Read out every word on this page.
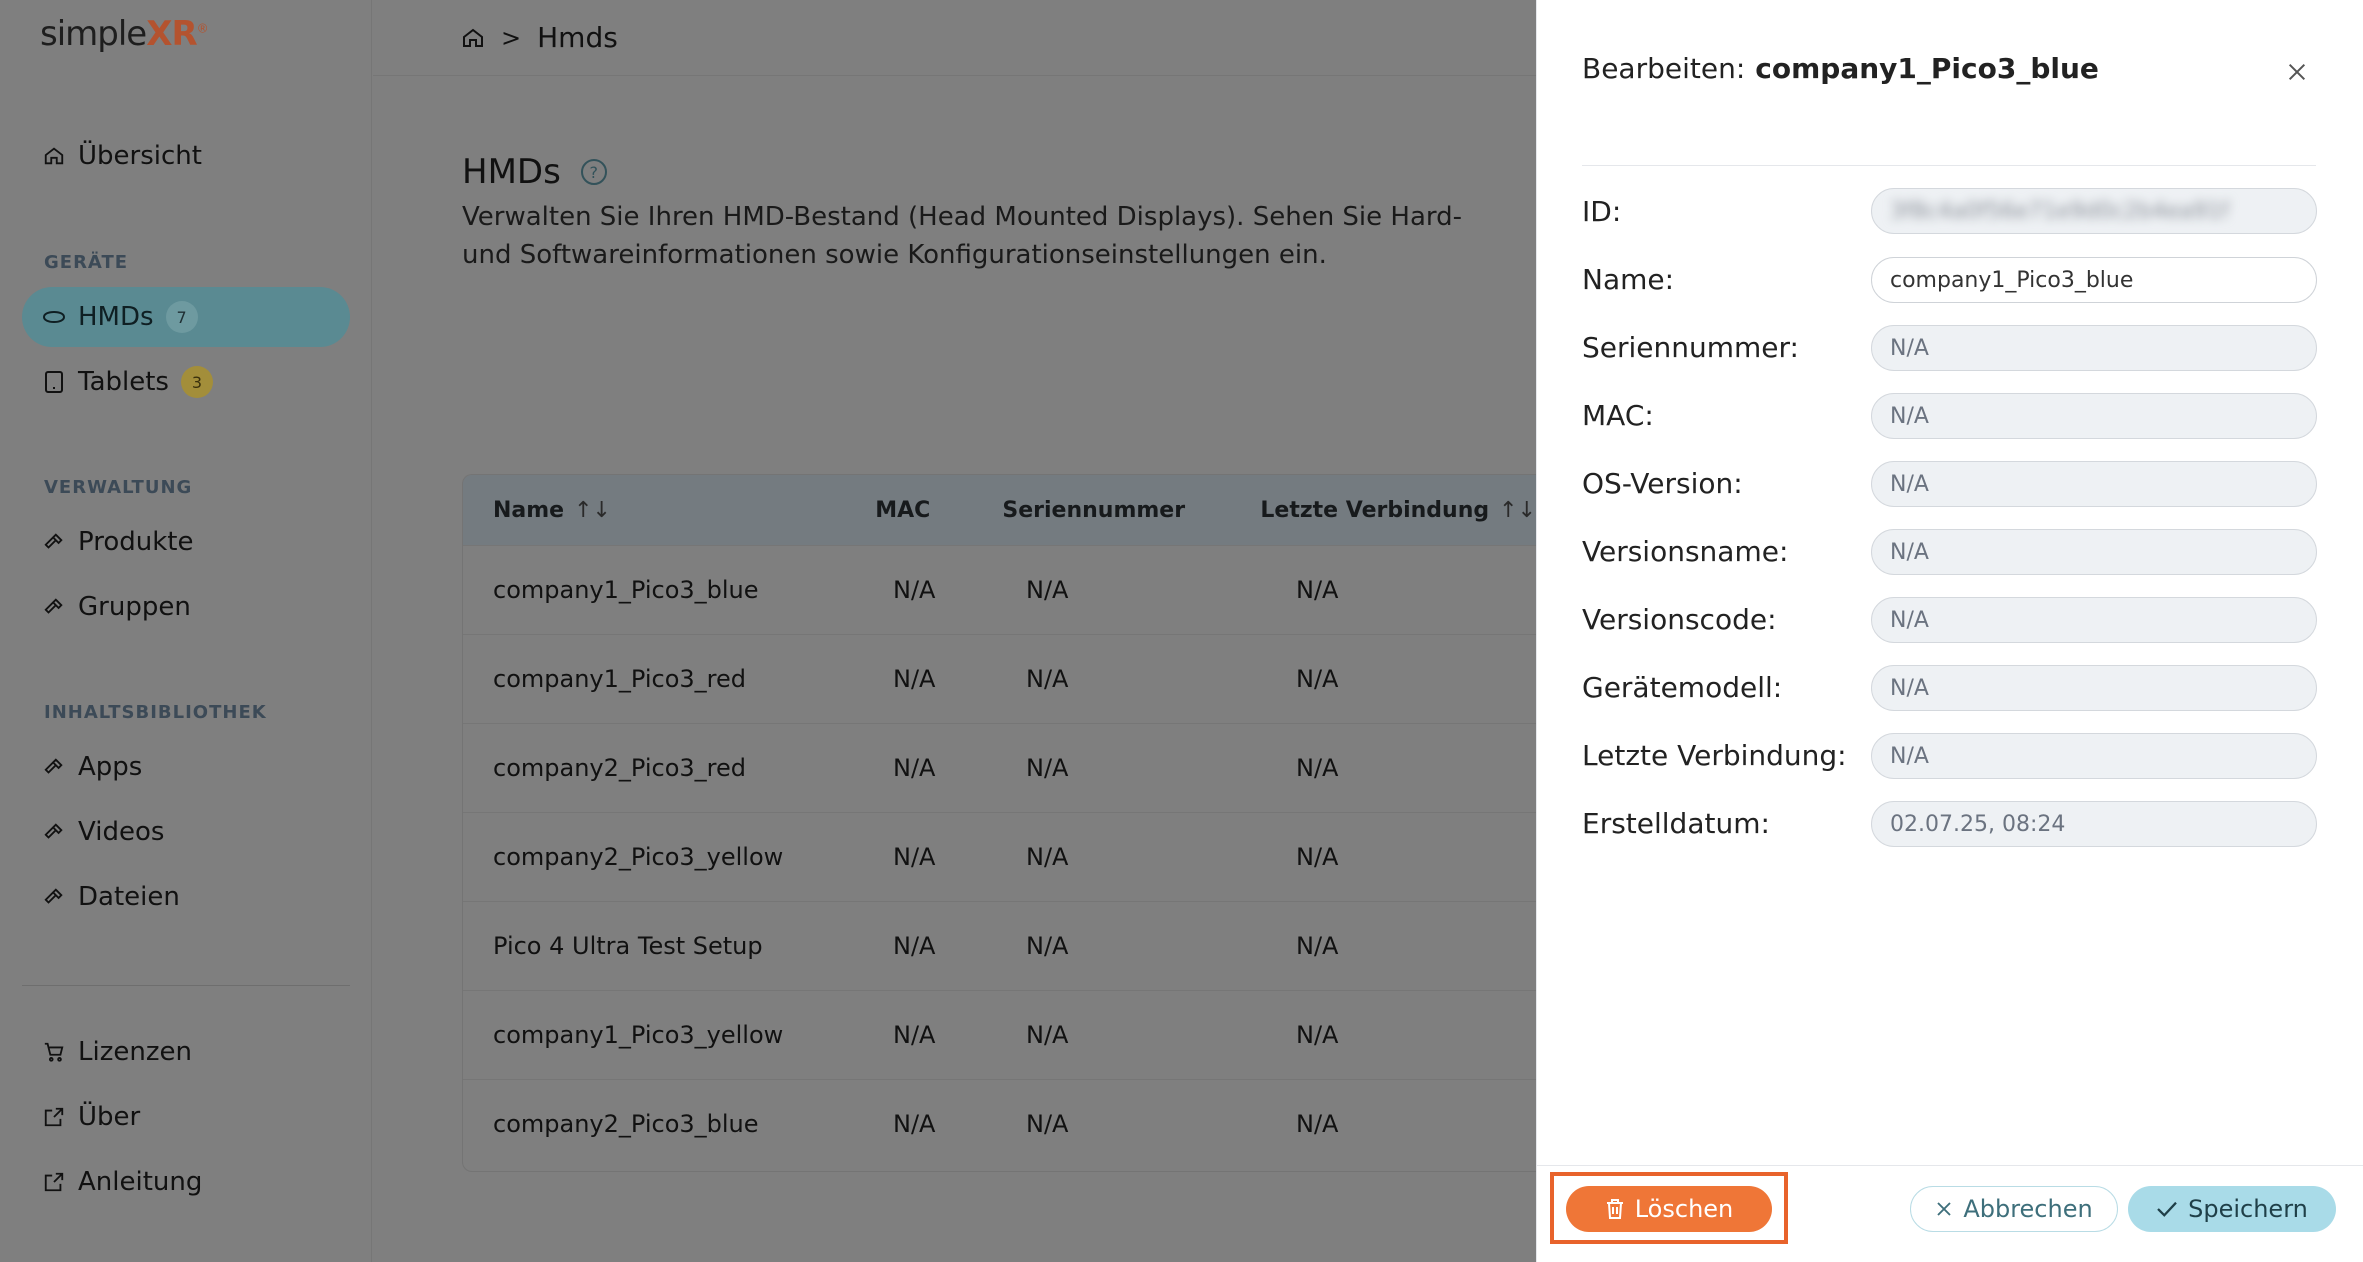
simpleXR®
Übersicht
GERÄTE
HMDs	7
Tablets	3
VERWALTUNG
Produkte
Gruppen
INHALTSBIBLIOTHEK
Apps
Videos
Dateien
Lizenzen
Über
Anleitung
> Hmds
HMDs	?
Verwalten Sie Ihren HMD-Bestand (Head Mounted Displays). Sehen Sie Hard- und Softwareinformationen sowie Konfigurationseinstellungen ein.
Name ↑↓	MAC	Seriennummer	Letzte Verbindung ↑↓
company1_Pico3_blue	N/A	N/A	N/A
company1_Pico3_red	N/A	N/A	N/A
company2_Pico3_red	N/A	N/A	N/A
company2_Pico3_yellow	N/A	N/A	N/A
Pico 4 Ultra Test Setup	N/A	N/A	N/A
company1_Pico3_yellow	N/A	N/A	N/A
company2_Pico3_blue	N/A	N/A	N/A
Bearbeiten: company1_Pico3_blue
ID:	3f8c4a0f56e71e9d0c2b4ea91f
Name:	company1_Pico3_blue
Seriennummer:	N/A
MAC:	N/A
OS-Version:	N/A
Versionsname:	N/A
Versionscode:	N/A
Gerätemodell:	N/A
Letzte Verbindung:	N/A
Erstelldatum:	02.07.25, 08:24
Löschen	Abbrechen	Speichern
